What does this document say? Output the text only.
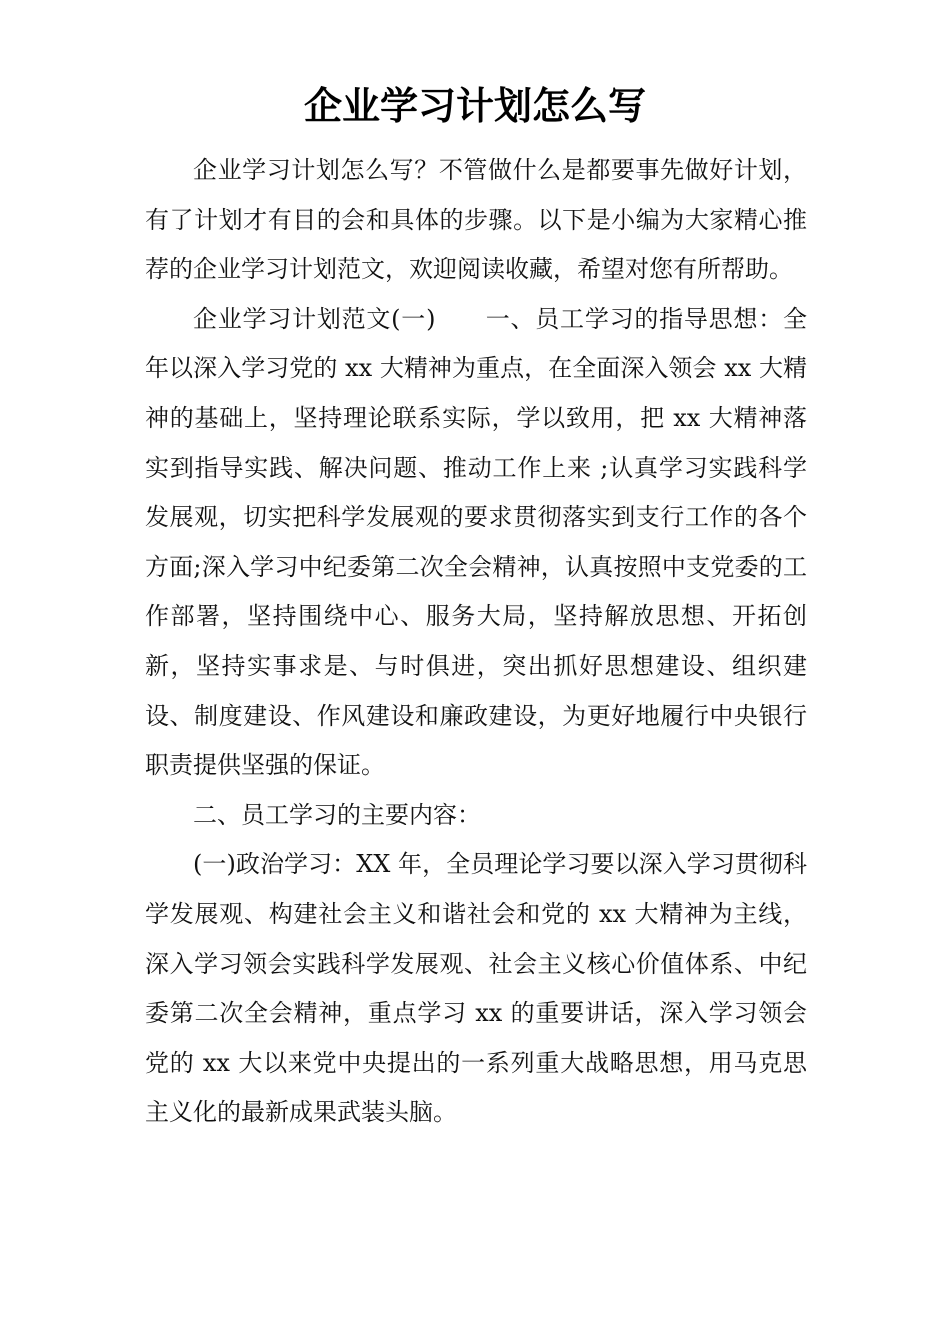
企业学习计划怎么写

企业学习计划怎么写？不管做什么是都要事先做好计划，有了计划才有目的会和具体的步骤。以下是小编为大家精心推荐的企业学习计划范文，欢迎阅读收藏，希望对您有所帮助。

企业学习计划范文(一)　　一、员工学习的指导思想：全年以深入学习党的 xx 大精神为重点，在全面深入领会 xx 大精神的基础上，坚持理论联系实际，学以致用，把 xx 大精神落实到指导实践、解决问题、推动工作上来 ;认真学习实践科学发展观，切实把科学发展观的要求贯彻落实到支行工作的各个方面;深入学习中纪委第二次全会精神，认真按照中支党委的工作部署，坚持围绕中心、服务大局，坚持解放思想、开拓创新，坚持实事求是、与时俱进，突出抓好思想建设、组织建设、制度建设、作风建设和廉政建设，为更好地履行中央银行职责提供坚强的保证。

二、员工学习的主要内容：

(一)政治学习：XX 年，全员理论学习要以深入学习贯彻科学发展观、构建社会主义和谐社会和党的 xx 大精神为主线，深入学习领会实践科学发展观、社会主义核心价值体系、中纪委第二次全会精神，重点学习 xx 的重要讲话，深入学习领会党的 xx 大以来党中央提出的一系列重大战略思想，用马克思主义化的最新成果武装头脑。
